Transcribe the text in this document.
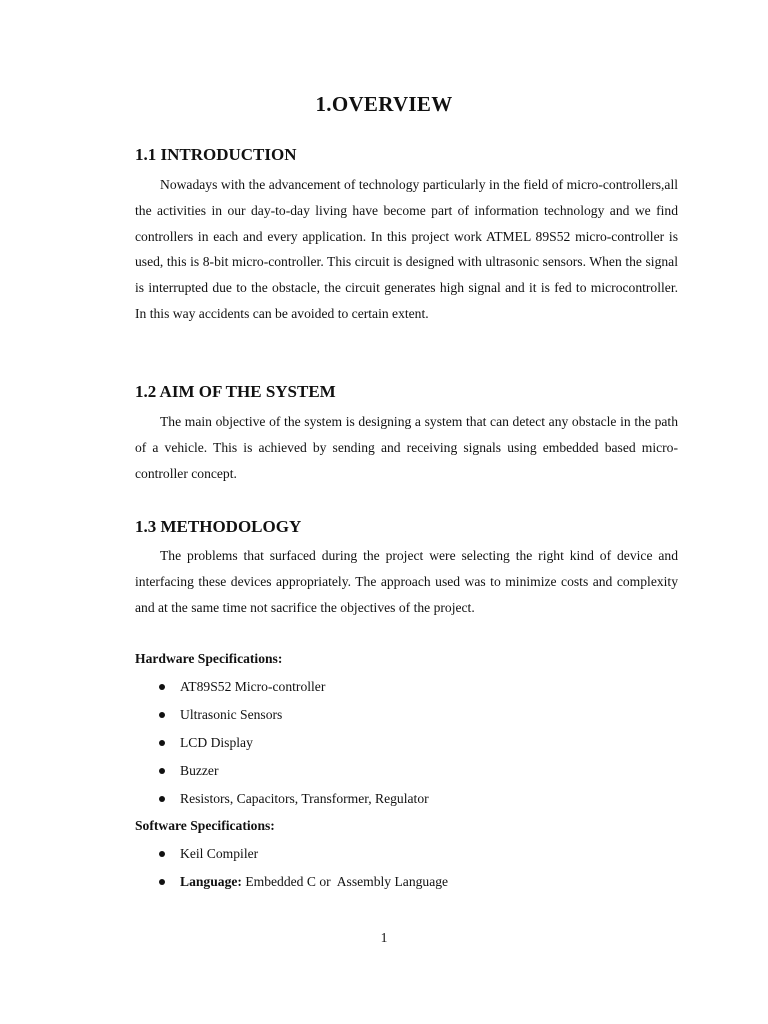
1.OVERVIEW
1.1 INTRODUCTION

Nowadays with the advancement of technology particularly in the field of micro-controllers,all the activities in our day-to-day living have become part of information technology and we find controllers in each and every application. In this project work ATMEL 89S52 micro-controller is used, this is 8-bit micro-controller. This circuit is designed with ultrasonic sensors. When the signal is interrupted due to the obstacle, the circuit generates high signal and it is fed to microcontroller. In this way accidents can be avoided to certain extent.

1.2 AIM OF THE SYSTEM

The main objective of the system is designing a system that can detect any obstacle in the path of a vehicle. This is achieved by sending and receiving signals using embedded based micro-controller concept.

1.3 METHODOLOGY

The problems that surfaced during the project were selecting the right kind of device and interfacing these devices appropriately. The approach used was to minimize costs and complexity and at the same time not sacrifice the objectives of the project.

Hardware Specifications:
AT89S52 Micro-controller
Ultrasonic Sensors
LCD Display
Buzzer
Resistors, Capacitors, Transformer, Regulator
Software Specifications:
Keil Compiler
Language: Embedded C or  Assembly Language
1
